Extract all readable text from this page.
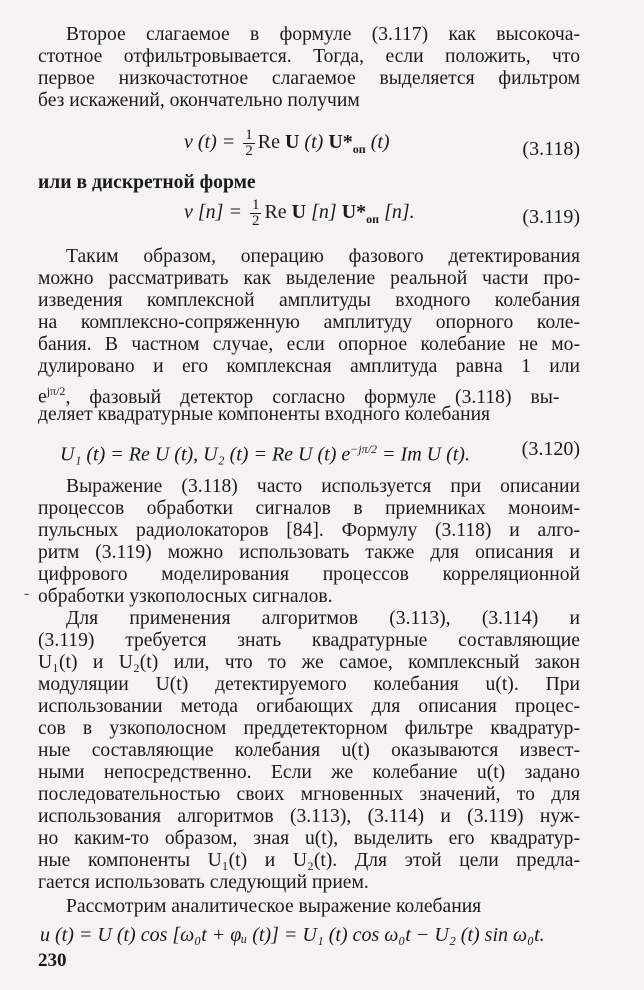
Второе слагаемое в формуле (3.117) как высокоча-
стотное отфильтровывается. Тогда, если положить, что
первое низкочастотное слагаемое выделяется фильтром
без искажений, окончательно получим
v $(t) = \frac{1}{2}$ Re U (t) $U*_{оп}$ (t)	(3.118)
или в дискретной форме
v $[n] = \frac{1}{2}$ Re U [n] $U*_{оп}$ [n].	(3.119)
Таким образом, операцию фазового детектирования
можно рассматривать как выделение реальной части про-
изведения комплексной амплитуды входного колебания
на комплексно-сопряженную амплитуду опорного коле-
бания. В частном случае, если опорное колебание не мо-
дулировано и его комплексная амплитуда равна 1 или
$e^{j\pi/2}$, фазовый детектор согласно формуле (3.118) вы-
деляет квадратурные компоненты входного колебания
U₁ (t) = Re U (t), U₂ (t) = Re U (t) $e^{-j\pi/2} = Im$ U (t).	(3.120)
Выражение (3.118) часто используется при описании
процессов обработки сигналов в приемниках моноим-
пульсных радиолокаторов [84]. Формулу (3.118) и алго-
ритм (3.119) можно использовать также для описания и
цифрового моделирования процессов корреляционной
обработки узкополосных сигналов.
-
Для применения алгоритмов (3.113), (3.114) и
(3.119) требуется знать квадратурные составляющие
U₁(t) и U₂(t) или, что то же самое, комплексный закон
модуляции U(t) детектируемого колебания u(t). При
использовании метода огибающих для описания процес-
сов в узкополосном преддетекторном фильтре квадратур-
ные составляющие колебания u(t) оказываются извест-
ными непосредственно. Если же колебание u(t) задано
последовательностью своих мгновенных значений, то для
использования алгоритмов (3.113), (3.114) и (3.119) нуж-
но каким-то образом, зная u(t), выделить его квадратур-
ные компоненты U₁(t) и U₂(t). Для этой цели предла-
гается использовать следующий прием.
Рассмотрим аналитическое выражение колебания
u (t) = U (t) cos [ω₀t + φᵤ (t)] = U₁ (t) cos ω₀t − U₂ (t) sin ω₀t.
230
